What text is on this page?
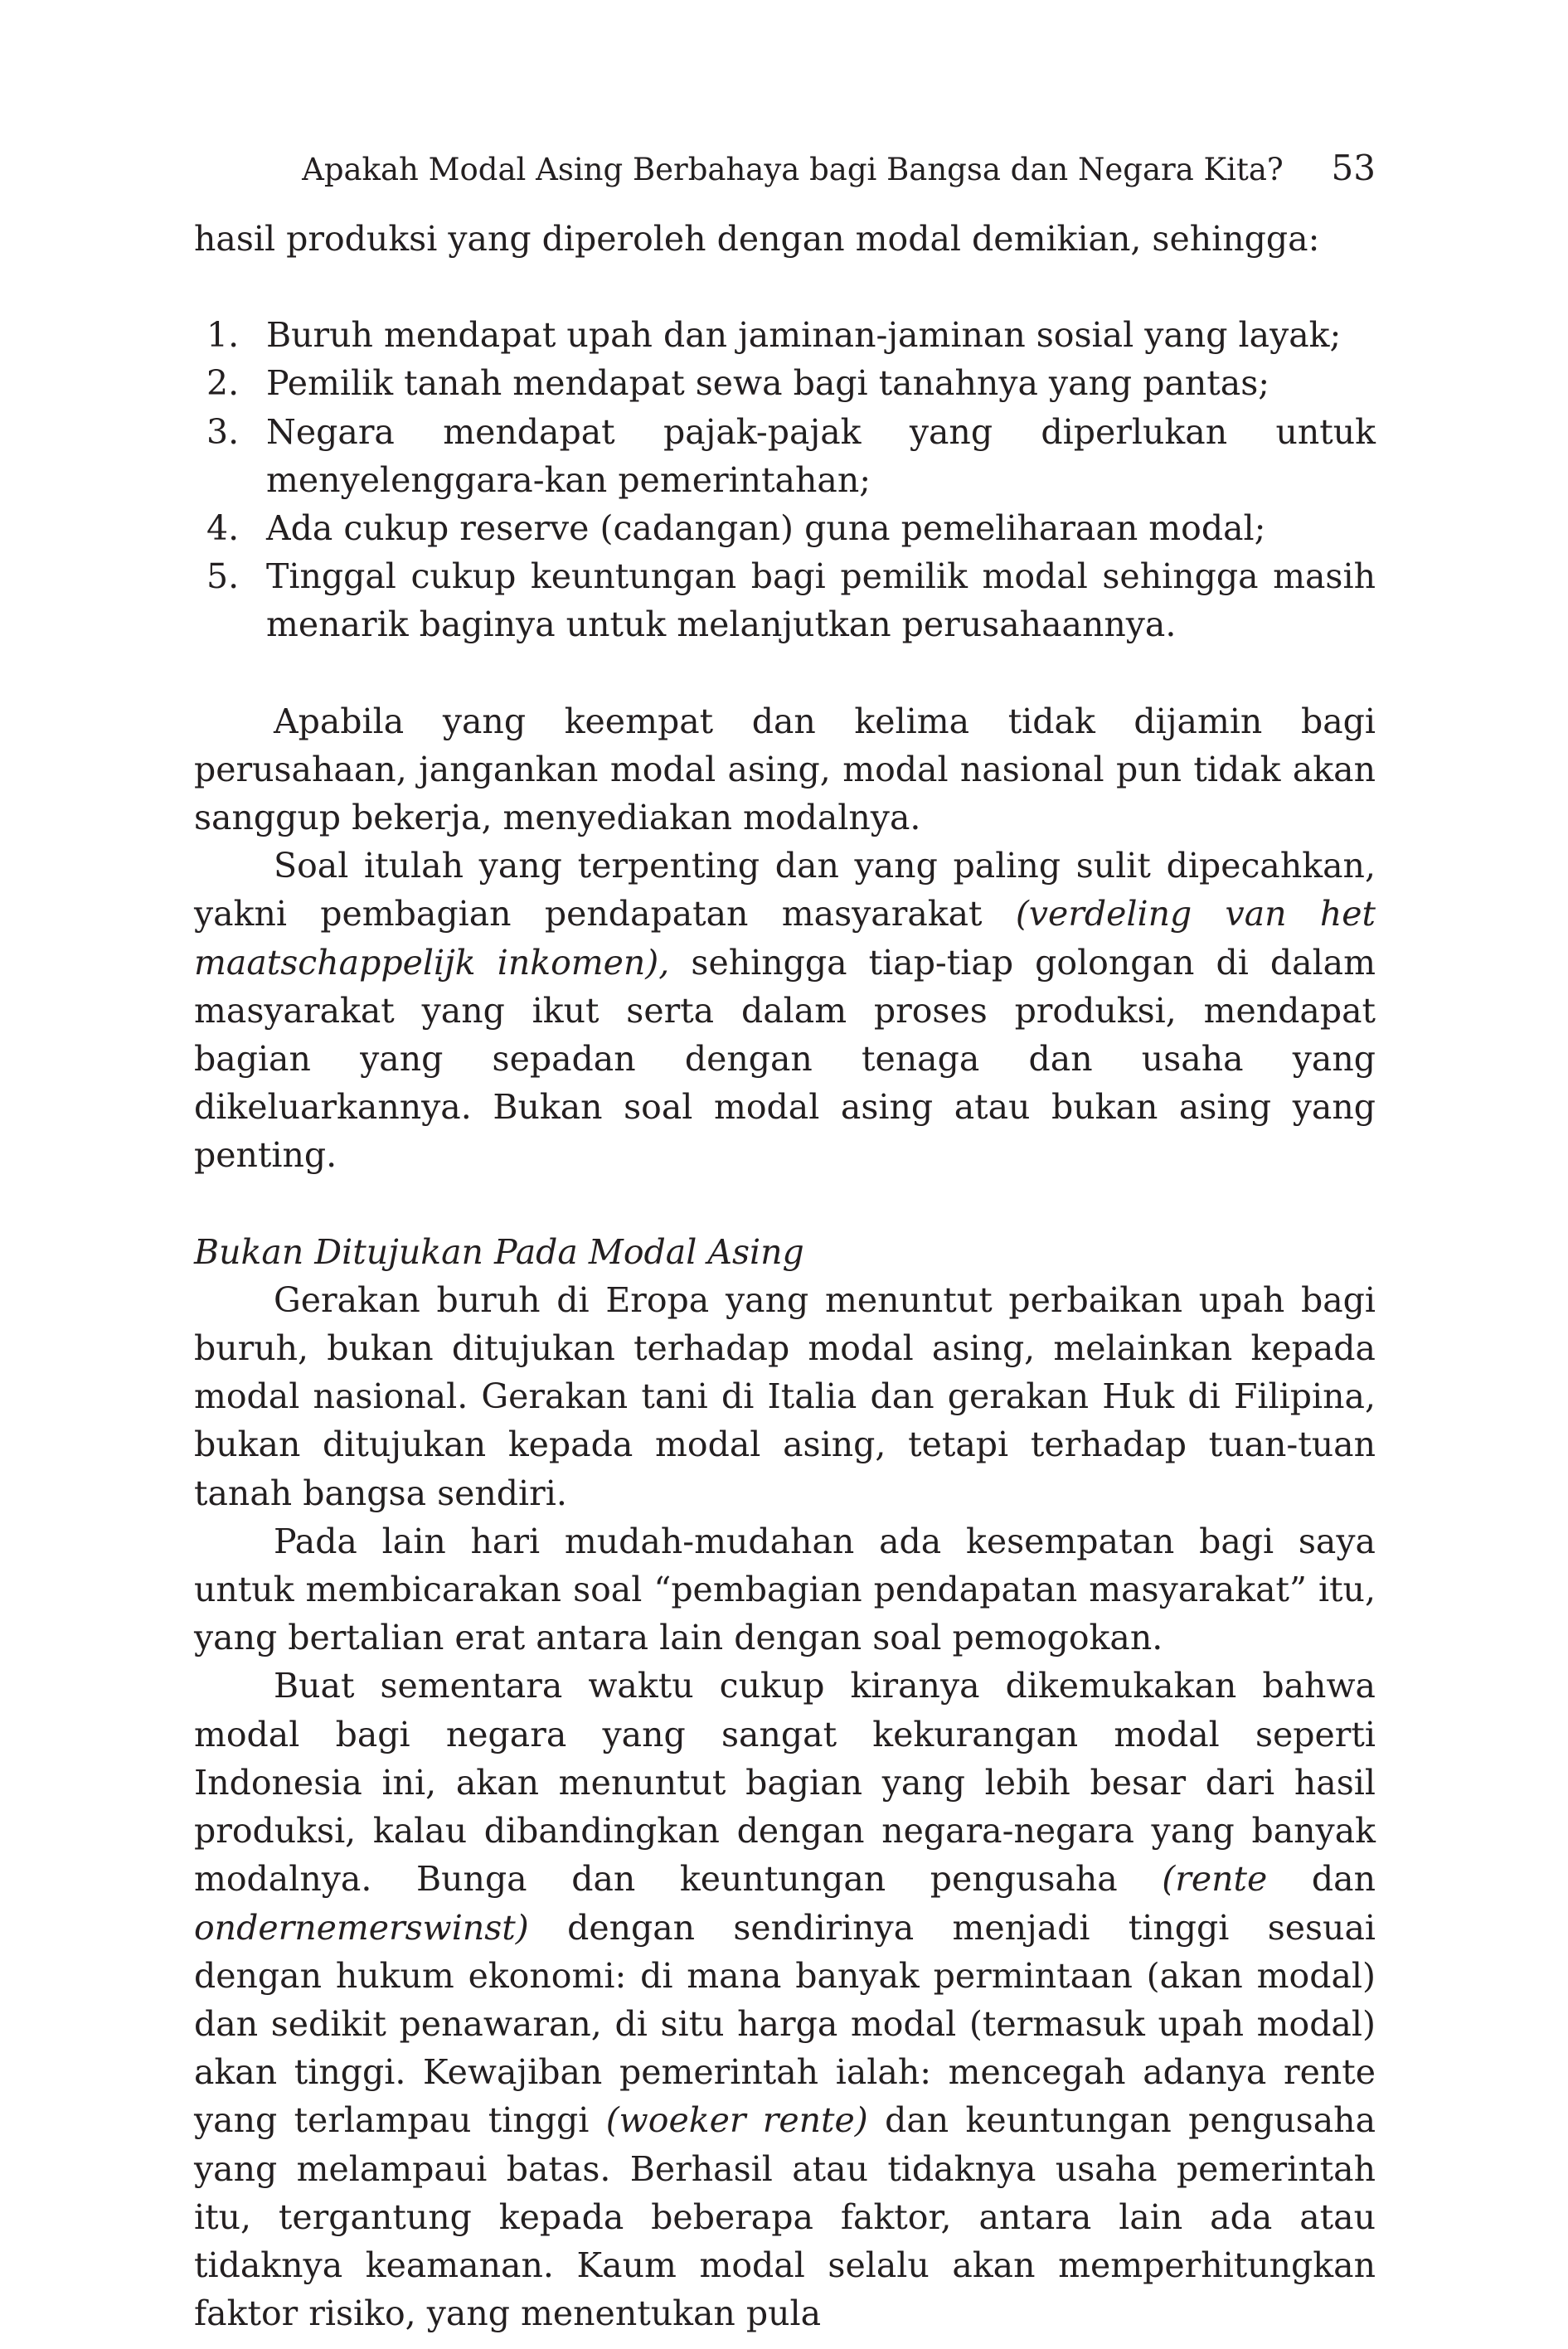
Apakah Modal Asing Berbahaya bagi Bangsa dan Negara Kita? 53

hasil produksi yang diperoleh dengan modal demikian, sehingga:

1. Buruh mendapat upah dan jaminan-jaminan sosial yang layak;
2. Pemilik tanah mendapat sewa bagi tanahnya yang pantas;
3. Negara mendapat pajak-pajak yang diperlukan untuk menyelenggara-kan pemerintahan;
4. Ada cukup reserve (cadangan) guna pemeliharaan modal;
5. Tinggal cukup keuntungan bagi pemilik modal sehingga masih menarik baginya untuk melanjutkan perusahaannya.

Apabila yang keempat dan kelima tidak dijamin bagi perusahaan, jangankan modal asing, modal nasional pun tidak akan sanggup bekerja, menyediakan modalnya.

Soal itulah yang terpenting dan yang paling sulit dipecahkan, yakni pembagian pendapatan masyarakat (verdeling van het maatschappelijk inkomen), sehingga tiap-tiap golongan di dalam masyarakat yang ikut serta dalam proses produksi, mendapat bagian yang sepadan dengan tenaga dan usaha yang dikeluarkannya. Bukan soal modal asing atau bukan asing yang penting.

Bukan Ditujukan Pada Modal Asing

Gerakan buruh di Eropa yang menuntut perbaikan upah bagi buruh, bukan ditujukan terhadap modal asing, melainkan kepada modal nasional. Gerakan tani di Italia dan gerakan Huk di Filipina, bukan ditujukan kepada modal asing, tetapi terhadap tuan-tuan tanah bangsa sendiri.

Pada lain hari mudah-mudahan ada kesempatan bagi saya untuk membicarakan soal “pembagian pendapatan masyarakat” itu, yang bertalian erat antara lain dengan soal pemogokan.

Buat sementara waktu cukup kiranya dikemukakan bahwa modal bagi negara yang sangat kekurangan modal seperti Indonesia ini, akan menuntut bagian yang lebih besar dari hasil produksi, kalau dibandingkan dengan negara-negara yang banyak modalnya. Bunga dan keuntungan pengusaha (rente dan ondernemerswinst) dengan sendirinya menjadi tinggi sesuai dengan hukum ekonomi: di mana banyak permintaan (akan modal) dan sedikit penawaran, di situ harga modal (termasuk upah modal) akan tinggi. Kewajiban pemerintah ialah: mencegah adanya rente yang terlampau tinggi (woeker rente) dan keuntungan pengusaha yang melampaui batas. Berhasil atau tidaknya usaha pemerintah itu, tergantung kepada beberapa faktor, antara lain ada atau tidaknya keamanan. Kaum modal selalu akan memperhitungkan faktor risiko, yang menentukan pula
